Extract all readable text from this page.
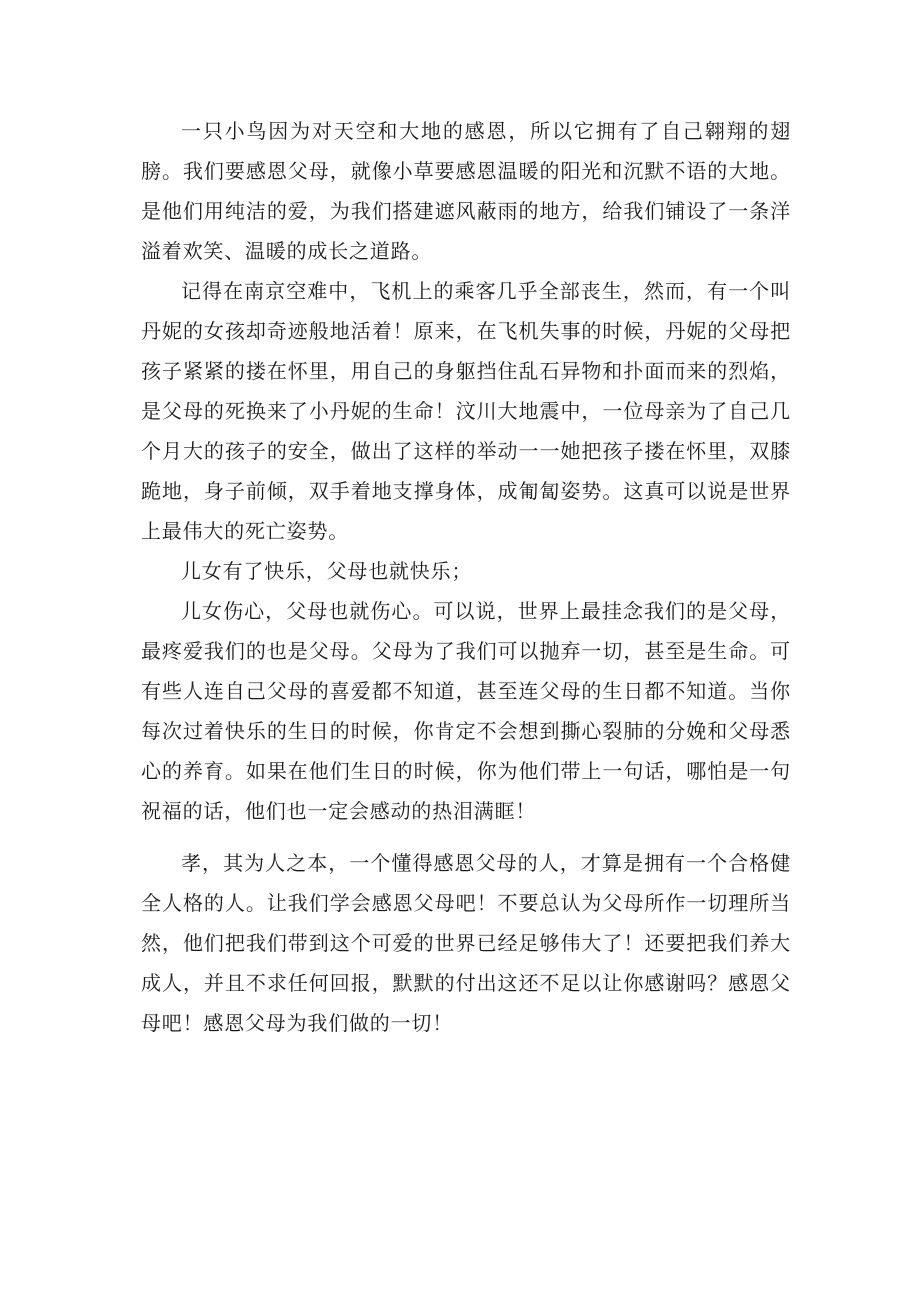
一只小鸟因为对天空和大地的感恩，所以它拥有了自己翱翔的翅膀。我们要感恩父母，就像小草要感恩温暖的阳光和沉默不语的大地。是他们用纯洁的爱，为我们搭建遮风蔽雨的地方，给我们铺设了一条洋溢着欢笑、温暖的成长之道路。

记得在南京空难中，飞机上的乘客几乎全部丧生，然而，有一个叫丹妮的女孩却奇迹般地活着！原来，在飞机失事的时候，丹妮的父母把孩子紧紧的搂在怀里，用自己的身躯挡住乱石异物和扑面而来的烈焰，是父母的死换来了小丹妮的生命！汶川大地震中，一位母亲为了自己几个月大的孩子的安全，做出了这样的举动一一她把孩子搂在怀里，双膝跪地，身子前倾，双手着地支撑身体，成匍匐姿势。这真可以说是世界上最伟大的死亡姿势。

儿女有了快乐，父母也就快乐；

儿女伤心，父母也就伤心。可以说，世界上最挂念我们的是父母，最疼爱我们的也是父母。父母为了我们可以抛弃一切，甚至是生命。可有些人连自己父母的喜爱都不知道，甚至连父母的生日都不知道。当你每次过着快乐的生日的时候，你肯定不会想到撕心裂肺的分娩和父母悉心的养育。如果在他们生日的时候，你为他们带上一句话，哪怕是一句祝福的话，他们也一定会感动的热泪满眶！

孝，其为人之本，一个懂得感恩父母的人，才算是拥有一个合格健全人格的人。让我们学会感恩父母吧！不要总认为父母所作一切理所当然，他们把我们带到这个可爱的世界已经足够伟大了！还要把我们养大成人，并且不求任何回报，默默的付出这还不足以让你感谢吗？感恩父母吧！感恩父母为我们做的一切！
